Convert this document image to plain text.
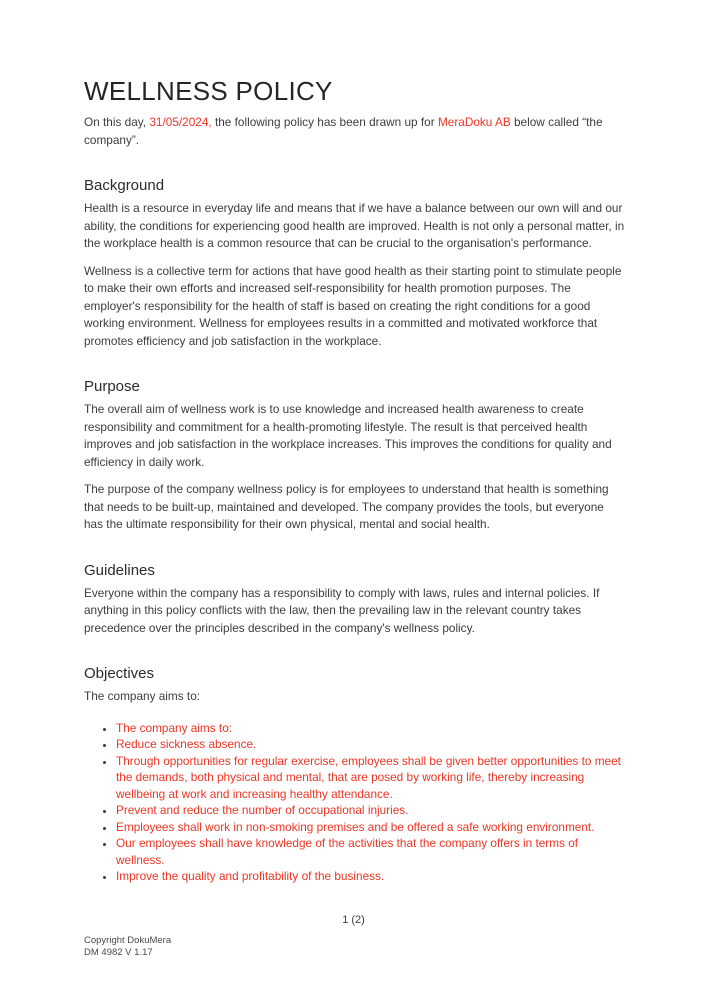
WELLNESS POLICY

On this day, 31/05/2024, the following policy has been drawn up for MeraDoku AB below called “the company”.

Background

Health is a resource in everyday life and means that if we have a balance between our own will and our ability, the conditions for experiencing good health are improved. Health is not only a personal matter, in the workplace health is a common resource that can be crucial to the organisation's performance.

Wellness is a collective term for actions that have good health as their starting point to stimulate people to make their own efforts and increased self-responsibility for health promotion purposes. The employer's responsibility for the health of staff is based on creating the right conditions for a good working environment. Wellness for employees results in a committed and motivated workforce that promotes efficiency and job satisfaction in the workplace.

Purpose

The overall aim of wellness work is to use knowledge and increased health awareness to create responsibility and commitment for a health-promoting lifestyle. The result is that perceived health improves and job satisfaction in the workplace increases. This improves the conditions for quality and efficiency in daily work.

The purpose of the company wellness policy is for employees to understand that health is something that needs to be built-up, maintained and developed. The company provides the tools, but everyone has the ultimate responsibility for their own physical, mental and social health.

Guidelines

Everyone within the company has a responsibility to comply with laws, rules and internal policies. If anything in this policy conflicts with the law, then the prevailing law in the relevant country takes precedence over the principles described in the company's wellness policy.

Objectives

The company aims to:

• The company aims to:
• Reduce sickness absence.
• Through opportunities for regular exercise, employees shall be given better opportunities to meet the demands, both physical and mental, that are posed by working life, thereby increasing wellbeing at work and increasing healthy attendance.
• Prevent and reduce the number of occupational injuries.
• Employees shall work in non-smoking premises and be offered a safe working environment.
• Our employees shall have knowledge of the activities that the company offers in terms of wellness.
• Improve the quality and profitability of the business.
1 (2)
Copyright DokuMera
DM 4982 V 1.17
